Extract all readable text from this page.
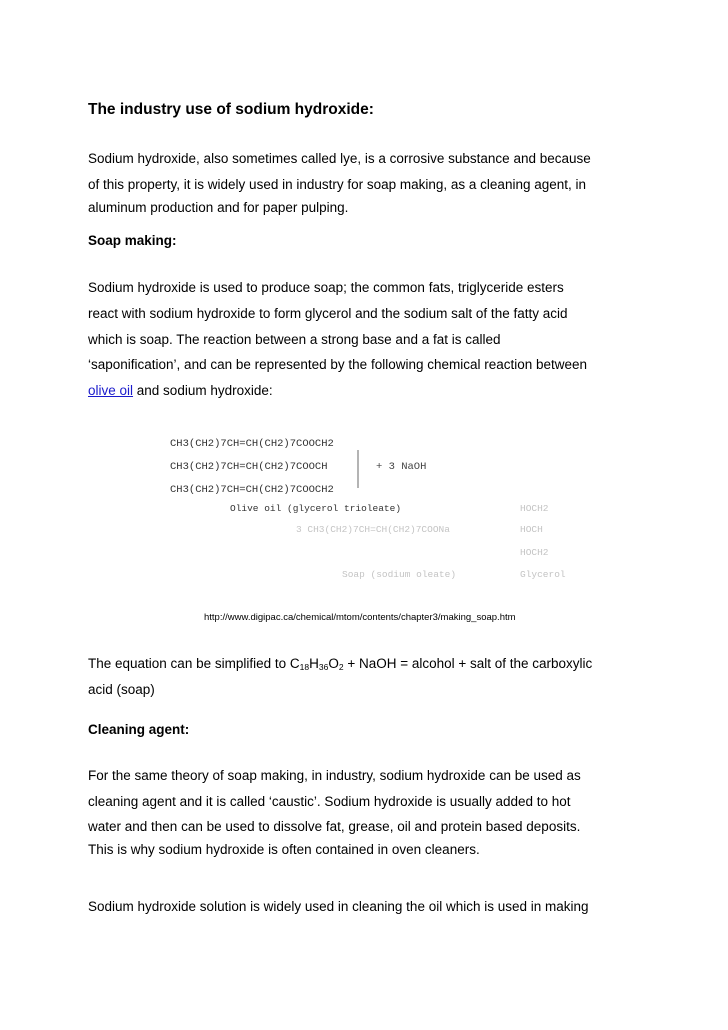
The industry use of sodium hydroxide:

Sodium hydroxide, also sometimes called lye, is a corrosive substance and because

of this property, it is widely used in industry for soap making, as a cleaning agent, in

aluminum production and for paper pulping.

Soap making:

Sodium hydroxide is used to produce soap; the common fats, triglyceride esters

react with sodium hydroxide to form glycerol and the sodium salt of the fatty acid

which is soap. The reaction between a strong base and a fat is called

‘saponification’, and can be represented by the following chemical reaction between

olive oil and sodium hydroxide:

CH3(CH2)7CH=CH(CH2)7COOCH2
CH3(CH2)7CH=CH(CH2)7COOCH	+ 3 NaOH
CH3(CH2)7CH=CH(CH2)7COOCH2
Olive oil (glycerol trioleate)	HOCH2
3 CH3(CH2)7CH=CH(CH2)7COONa	HOCH
HOCH2
Soap (sodium oleate)	Glycerol

http://www.digipac.ca/chemical/mtom/contents/chapter3/making_soap.htm

The equation can be simplified to $C_{18}H_{36}O_2$ + NaOH = alcohol + salt of the carboxylic

acid (soap)

Cleaning agent:

For the same theory of soap making, in industry, sodium hydroxide can be used as

cleaning agent and it is called ‘caustic’. Sodium hydroxide is usually added to hot

water and then can be used to dissolve fat, grease, oil and protein based deposits.

This is why sodium hydroxide is often contained in oven cleaners.

Sodium hydroxide solution is widely used in cleaning the oil which is used in making
